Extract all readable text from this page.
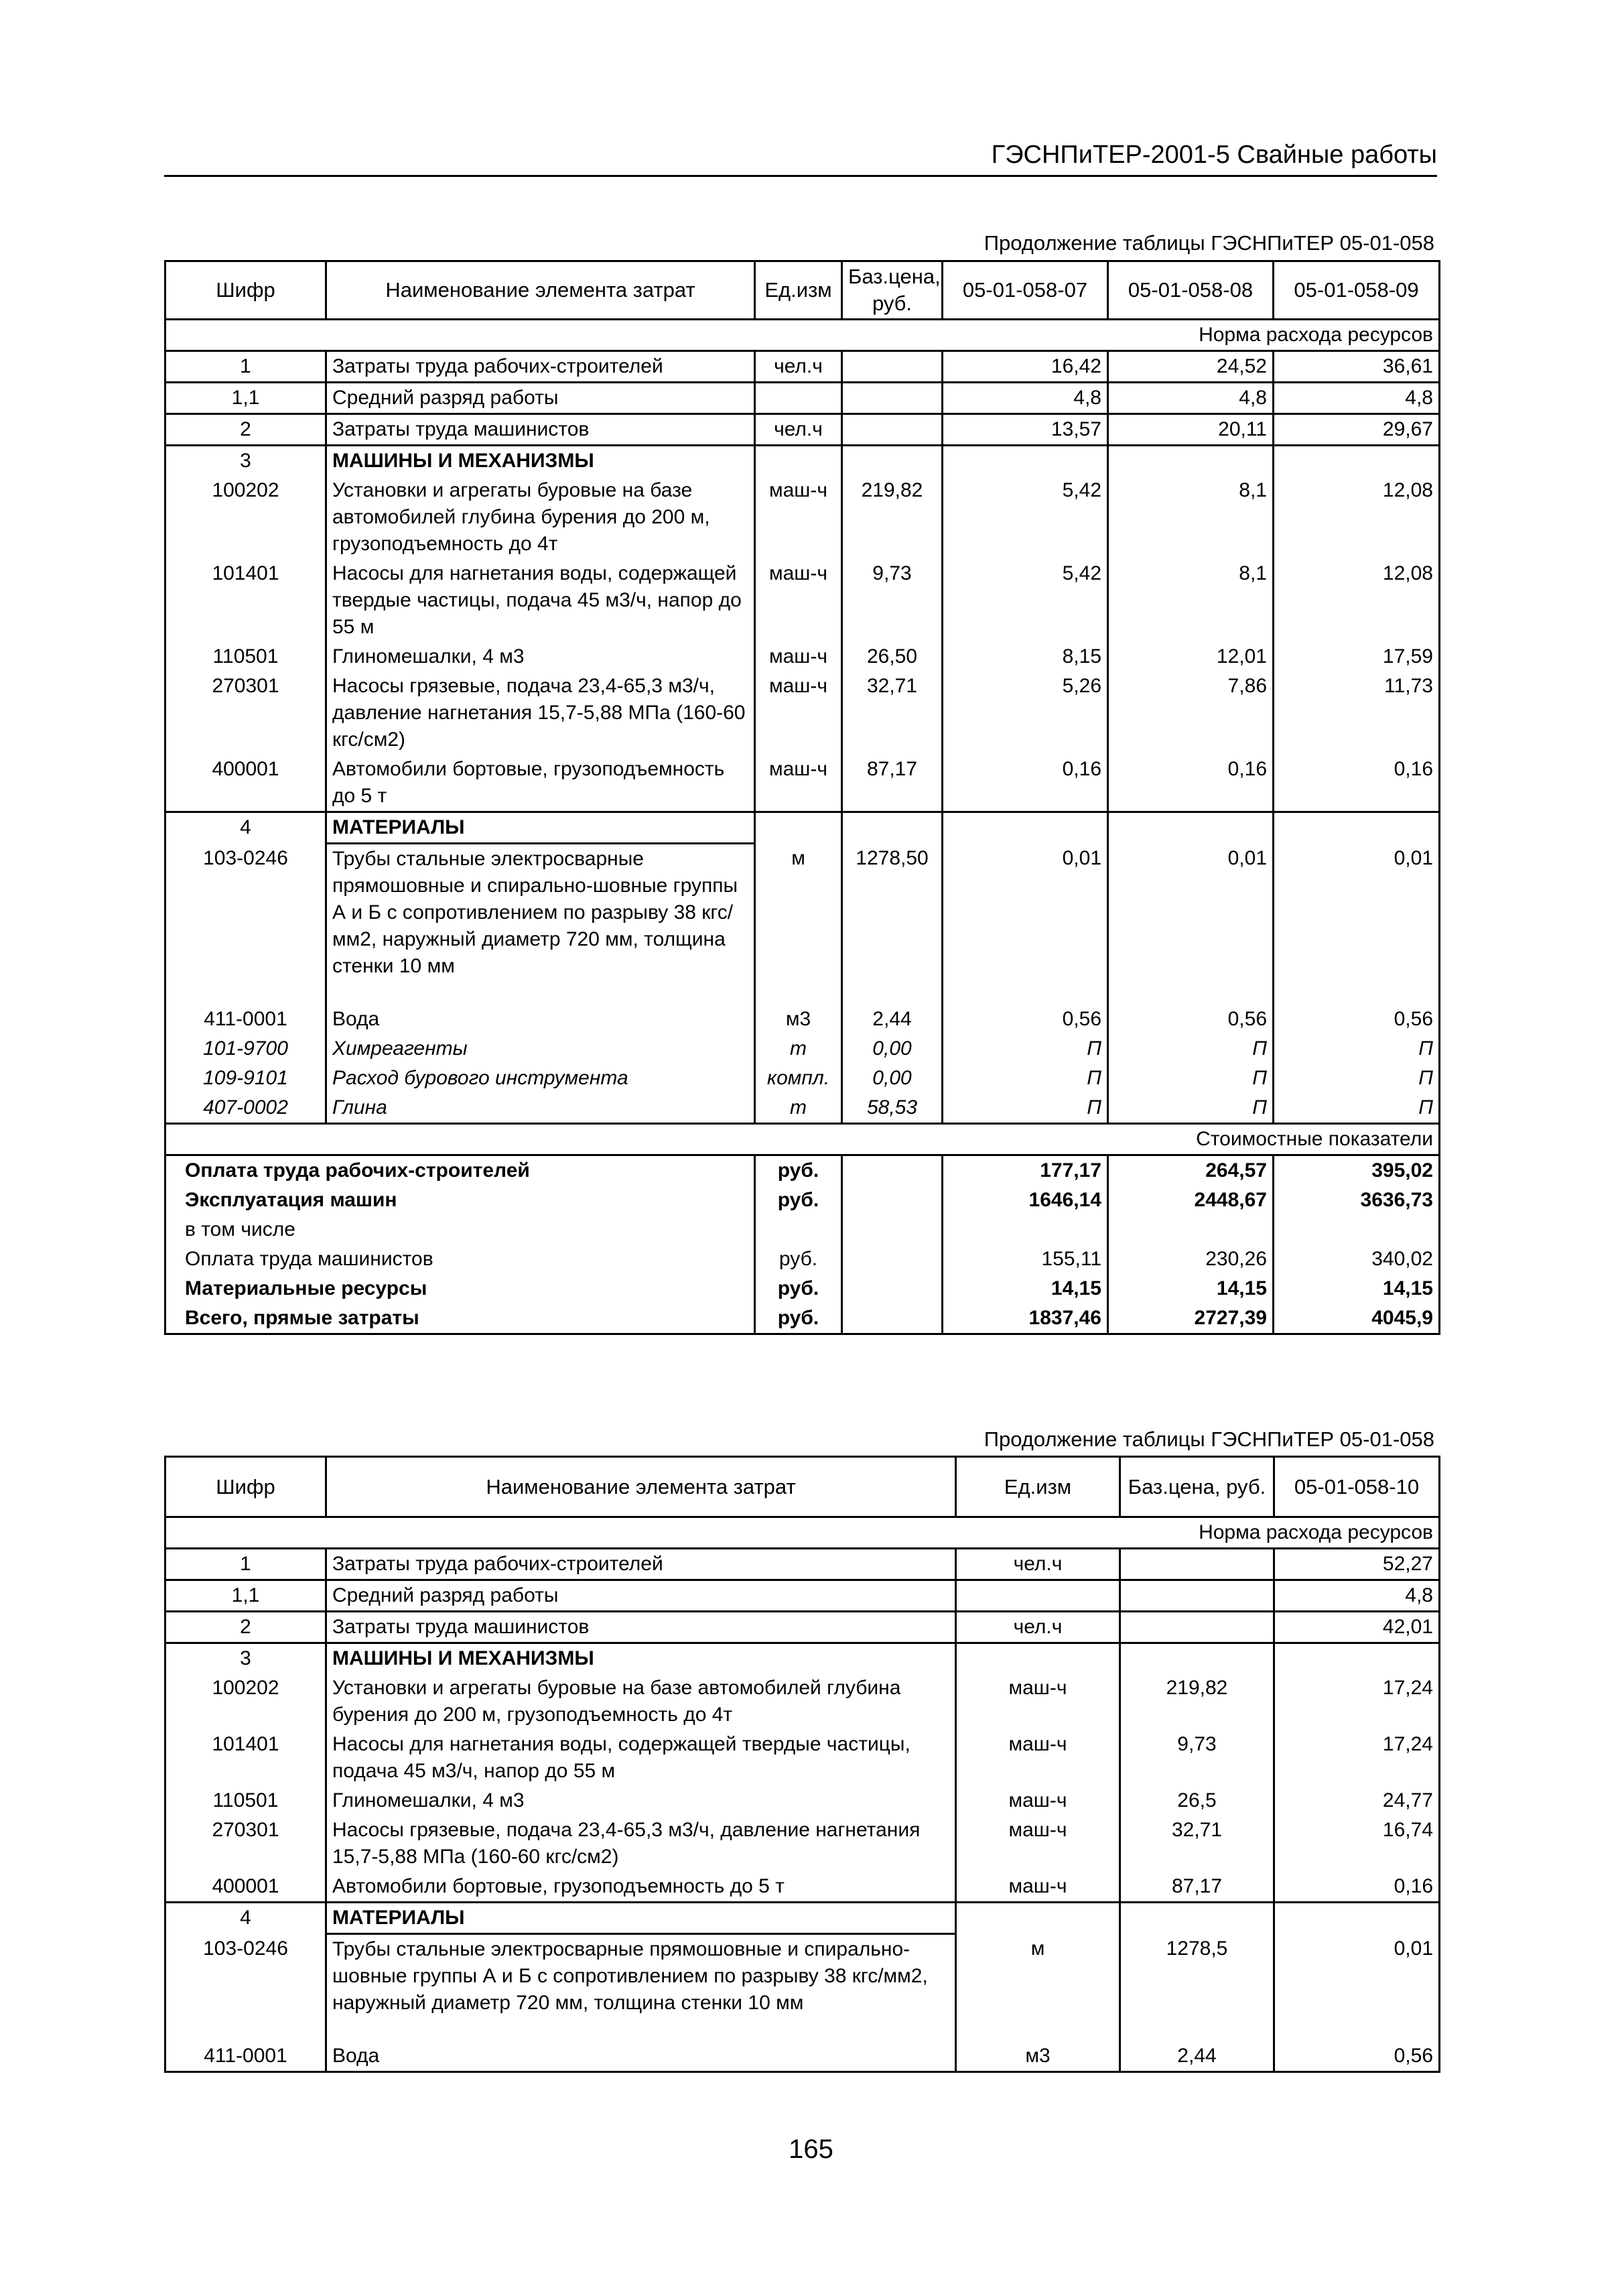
ГЭСНПиТЕР-2001-5 Свайные работы
Продолжение таблицы ГЭСНПиТЕР 05-01-058
Шифр	Наименование элемента затрат	Ед.изм	Баз.цена, руб.	05-01-058-07	05-01-058-08	05-01-058-09
Норма расхода ресурсов						
1	Затраты труда рабочих-строителей	чел.ч		16,42	24,52	36,61
1,1	Средний разряд работы			4,8	4,8	4,8
2	Затраты труда машинистов	чел.ч		13,57	20,11	29,67
3	МАШИНЫ И МЕХАНИЗМЫ					
100202	Установки и агрегаты буровые на базе автомобилей глубина бурения до 200 м, грузоподъемность до 4т	маш-ч	219,82	5,42	8,1	12,08
101401	Насосы для нагнетания воды, содержащей твердые частицы, подача 45 м3/ч, напор до 55 м	маш-ч	9,73	5,42	8,1	12,08
110501	Глиномешалки, 4 м3	маш-ч	26,50	8,15	12,01	17,59
270301	Насосы грязевые, подача 23,4-65,3 м3/ч, давление нагнетания 15,7-5,88 МПа (160-60 кгс/см2)	маш-ч	32,71	5,26	7,86	11,73
400001	Автомобили бортовые, грузоподъемность до 5 т	маш-ч	87,17	0,16	0,16	0,16
4	МАТЕРИАЛЫ					
103-0246	Трубы стальные электросварные прямошовные и спирально-шовные группы А и Б с сопротивлением по разрыву 38 кгс/мм2, наружный диаметр 720 мм, толщина стенки 10 мм	м	1278,50	0,01	0,01	0,01
411-0001	Вода	м3	2,44	0,56	0,56	0,56
101-9700	Химреагенты	т	0,00	П	П	П
109-9101	Расход бурового инструмента	компл.	0,00	П	П	П
407-0002	Глина	т	58,53	П	П	П
Стоимостные показатели						
Оплата труда рабочих-строителей		руб.		177,17	264,57	395,02
Эксплуатация машин		руб.		1646,14	2448,67	3636,73
в том числе						
Оплата труда машинистов		руб.		155,11	230,26	340,02
Материальные ресурсы		руб.		14,15	14,15	14,15
Всего, прямые затраты		руб.		1837,46	2727,39	4045,9
Продолжение таблицы ГЭСНПиТЕР 05-01-058
Шифр	Наименование элемента затрат	Ед.изм	Баз.цена, руб.	05-01-058-10
Норма расхода ресурсов				
1	Затраты труда рабочих-строителей	чел.ч		52,27
1,1	Средний разряд работы			4,8
2	Затраты труда машинистов	чел.ч		42,01
3	МАШИНЫ И МЕХАНИЗМЫ			
100202	Установки и агрегаты буровые на базе автомобилей глубина бурения до 200 м, грузоподъемность до 4т	маш-ч	219,82	17,24
101401	Насосы для нагнетания воды, содержащей твердые частицы, подача 45 м3/ч, напор до 55 м	маш-ч	9,73	17,24
110501	Глиномешалки, 4 м3	маш-ч	26,5	24,77
270301	Насосы грязевые, подача 23,4-65,3 м3/ч, давление нагнетания 15,7-5,88 МПа (160-60 кгс/см2)	маш-ч	32,71	16,74
400001	Автомобили бортовые, грузоподъемность до 5 т	маш-ч	87,17	0,16
4	МАТЕРИАЛЫ			
103-0246	Трубы стальные электросварные прямошовные и спирально-шовные группы А и Б с сопротивлением по разрыву 38 кгс/мм2, наружный диаметр 720 мм, толщина стенки 10 мм	м	1278,5	0,01
411-0001	Вода	м3	2,44	0,56
165
